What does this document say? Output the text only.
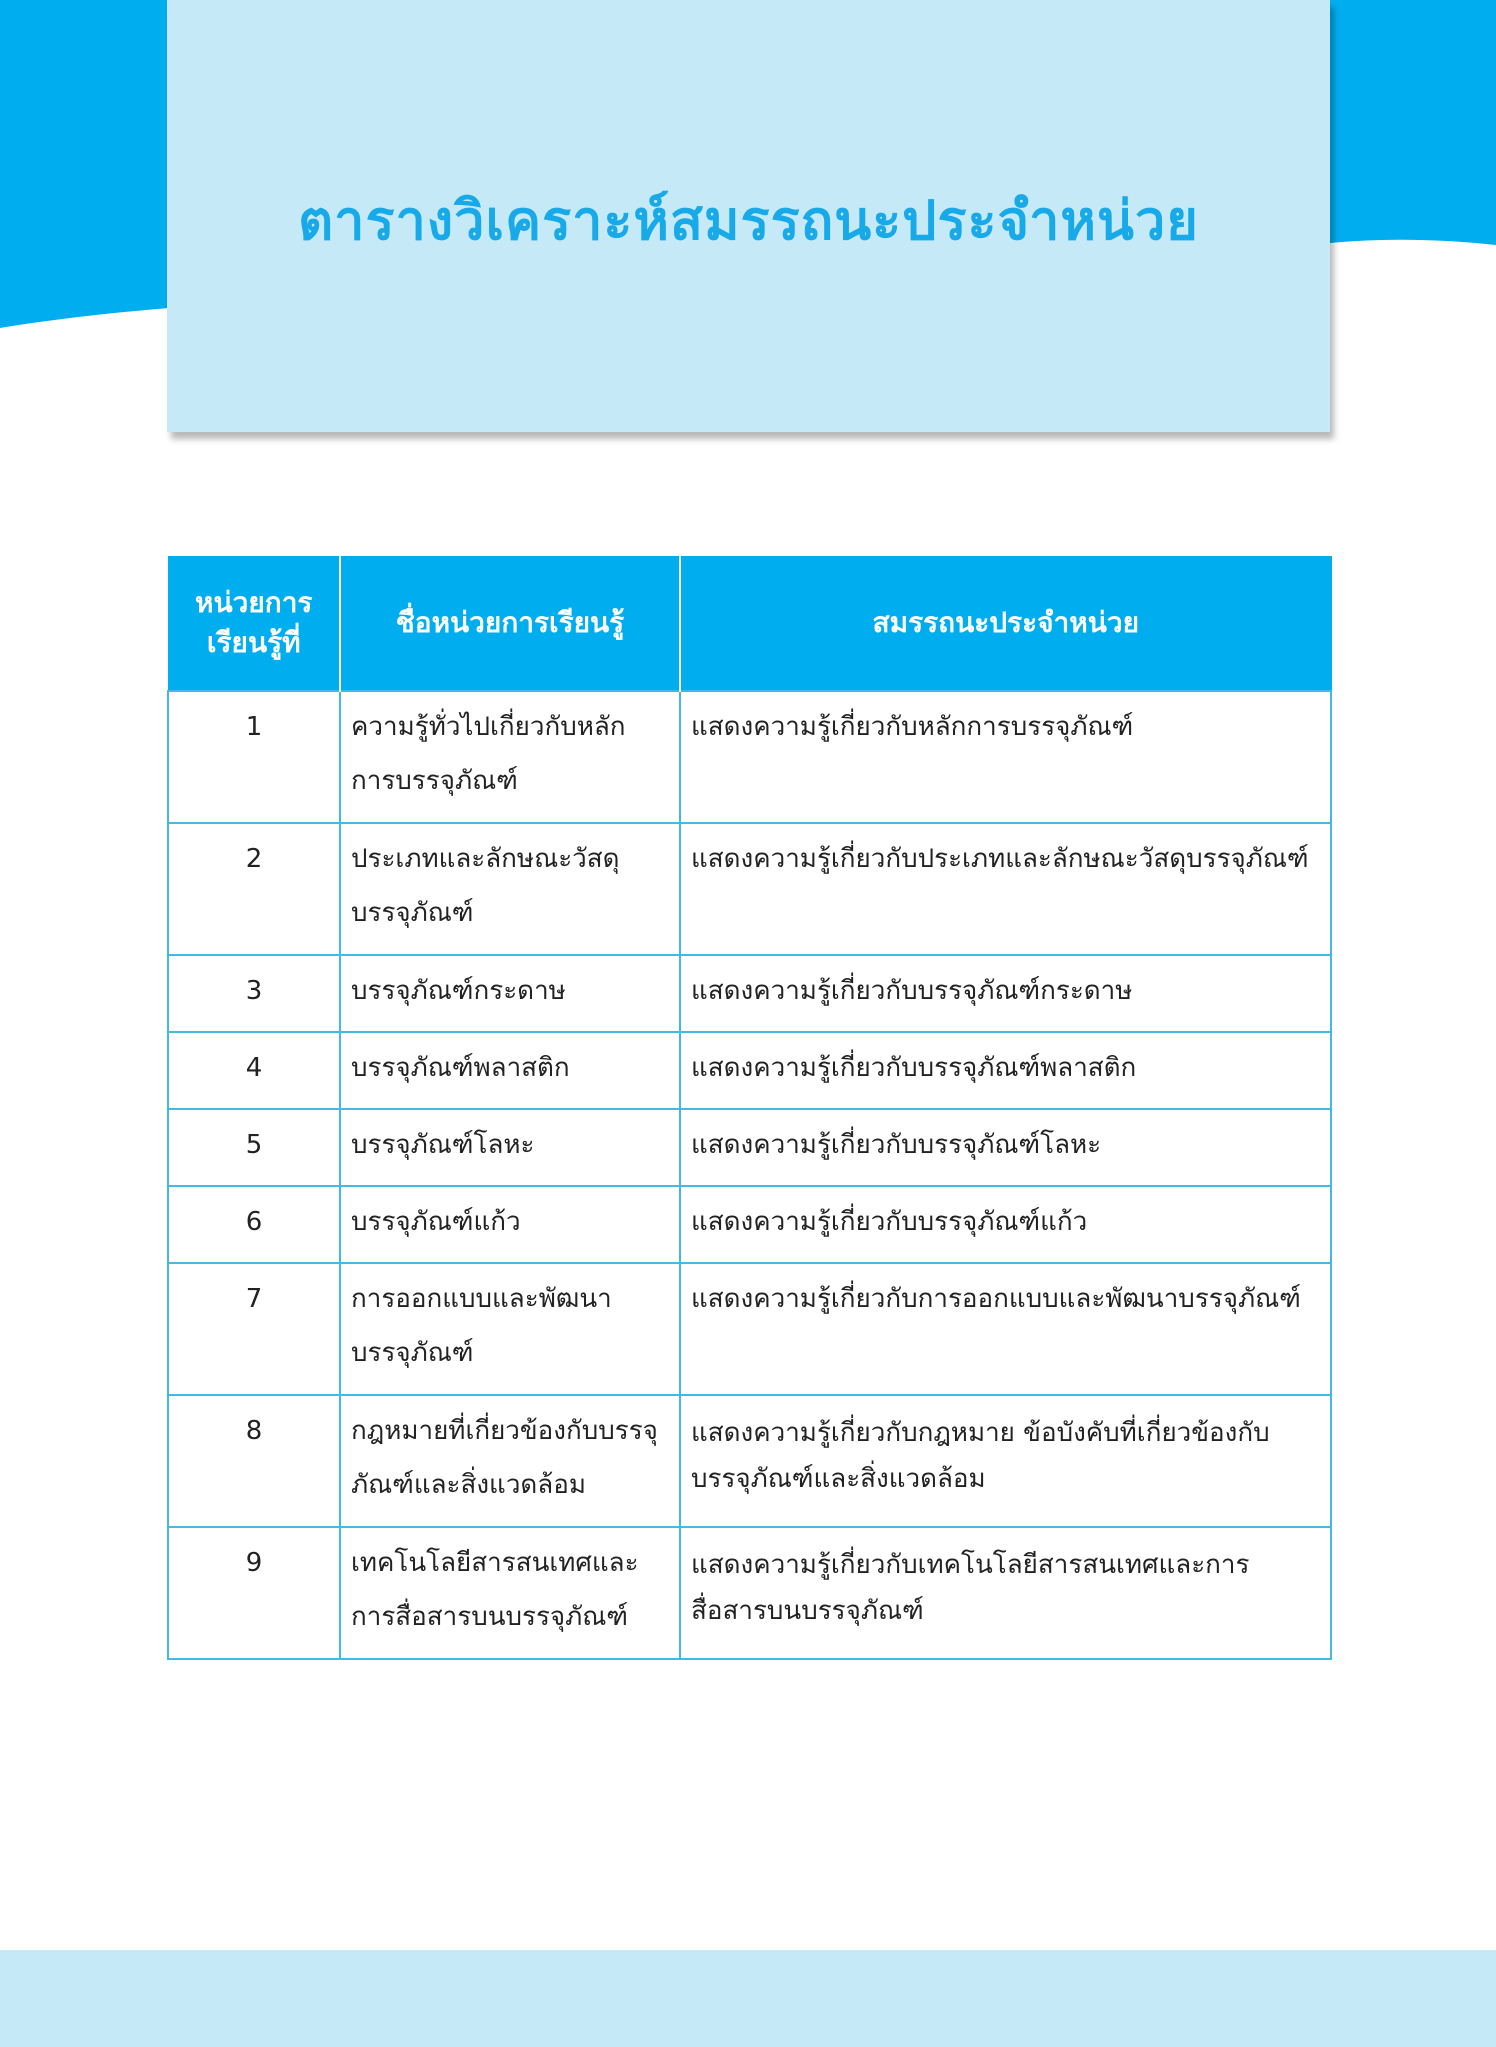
ตารางวิเคราะห์สมรรถนะประจำหน่วย
หน่วยการเรียนรู้ที่	ชื่อหน่วยการเรียนรู้	สมรรถนะประจำหน่วย
1	ความรู้ทั่วไปเกี่ยวกับหลักการบรรจุภัณฑ์	แสดงความรู้เกี่ยวกับหลักการบรรจุภัณฑ์
2	ประเภทและลักษณะวัสดุบรรจุภัณฑ์	แสดงความรู้เกี่ยวกับประเภทและลักษณะวัสดุบรรจุภัณฑ์
3	บรรจุภัณฑ์กระดาษ	แสดงความรู้เกี่ยวกับบรรจุภัณฑ์กระดาษ
4	บรรจุภัณฑ์พลาสติก	แสดงความรู้เกี่ยวกับบรรจุภัณฑ์พลาสติก
5	บรรจุภัณฑ์โลหะ	แสดงความรู้เกี่ยวกับบรรจุภัณฑ์โลหะ
6	บรรจุภัณฑ์แก้ว	แสดงความรู้เกี่ยวกับบรรจุภัณฑ์แก้ว
7	การออกแบบและพัฒนาบรรจุภัณฑ์	แสดงความรู้เกี่ยวกับการออกแบบและพัฒนาบรรจุภัณฑ์
8	กฎหมายที่เกี่ยวข้องกับบรรจุภัณฑ์และสิ่งแวดล้อม	แสดงความรู้เกี่ยวกับกฎหมาย ข้อบังคับที่เกี่ยวข้องกับบรรจุภัณฑ์และสิ่งแวดล้อม
9	เทคโนโลยีสารสนเทศและการสื่อสารบนบรรจุภัณฑ์	แสดงความรู้เกี่ยวกับเทคโนโลยีสารสนเทศและการสื่อสารบนบรรจุภัณฑ์
